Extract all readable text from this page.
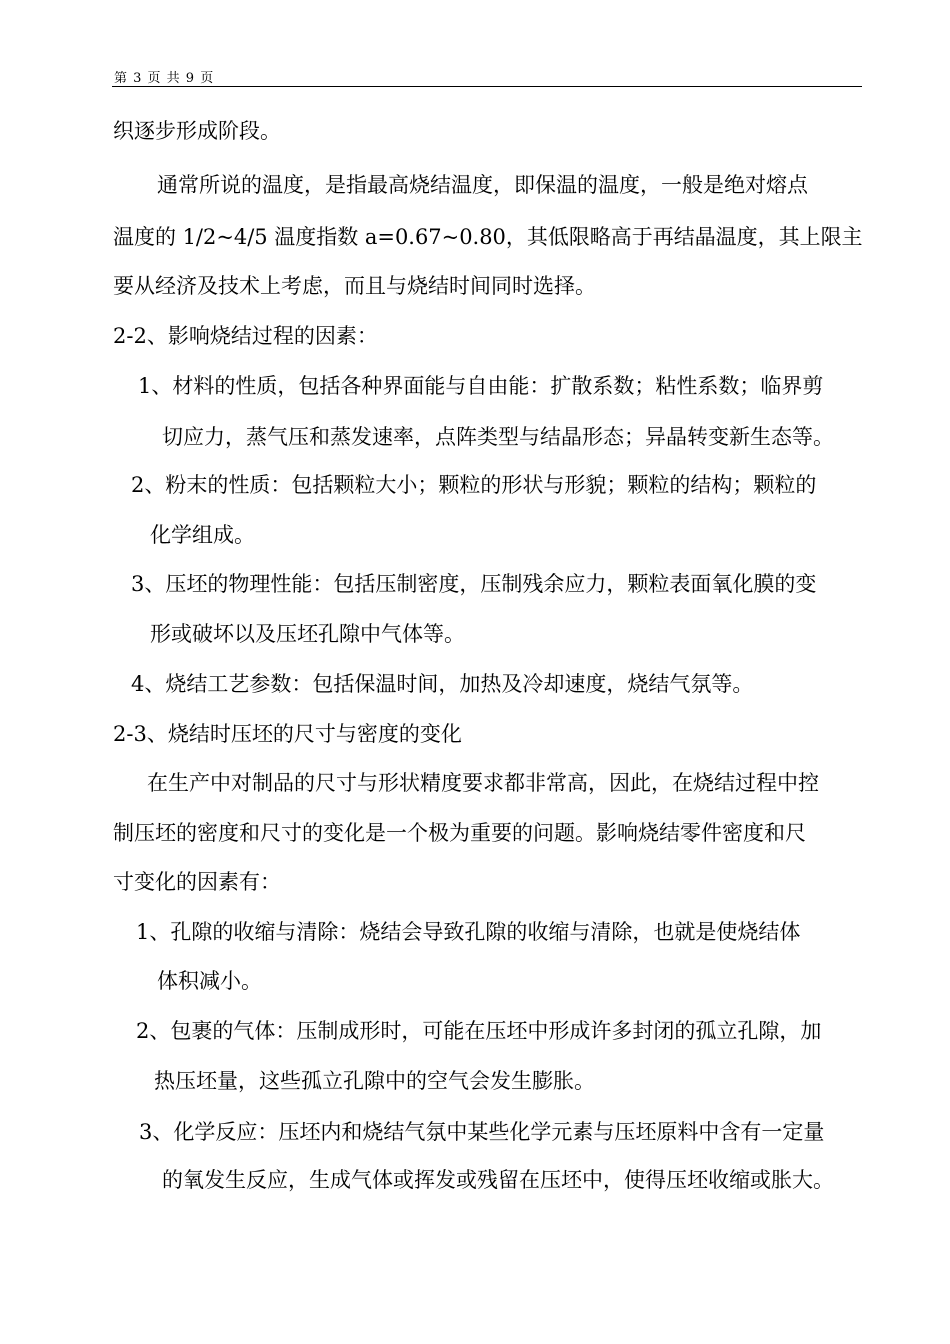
第 3 页 共 9 页
织逐步形成阶段。
通常所说的温度，是指最高烧结温度，即保温的温度，一般是绝对熔点
温度的 1/2~4/5 温度指数 a=0.67~0.80，其低限略高于再结晶温度，其上限主
要从经济及技术上考虑，而且与烧结时间同时选择。
2-2、影响烧结过程的因素：
1、材料的性质，包括各种界面能与自由能：扩散系数；粘性系数；临界剪
切应力，蒸气压和蒸发速率，点阵类型与结晶形态；异晶转变新生态等。
2、粉末的性质：包括颗粒大小；颗粒的形状与形貌；颗粒的结构；颗粒的
化学组成。
3、压坯的物理性能：包括压制密度，压制残余应力，颗粒表面氧化膜的变
形或破坏以及压坯孔隙中气体等。
4、烧结工艺参数：包括保温时间，加热及冷却速度，烧结气氛等。
2-3、烧结时压坯的尺寸与密度的变化
在生产中对制品的尺寸与形状精度要求都非常高，因此，在烧结过程中控
制压坯的密度和尺寸的变化是一个极为重要的问题。影响烧结零件密度和尺
寸变化的因素有：
1、孔隙的收缩与清除：烧结会导致孔隙的收缩与清除，也就是使烧结体
体积减小。
2、包裹的气体：压制成形时，可能在压坯中形成许多封闭的孤立孔隙，加
热压坯量，这些孤立孔隙中的空气会发生膨胀。
3、化学反应：压坯内和烧结气氛中某些化学元素与压坯原料中含有一定量
的氧发生反应，生成气体或挥发或残留在压坯中，使得压坯收缩或胀大。
